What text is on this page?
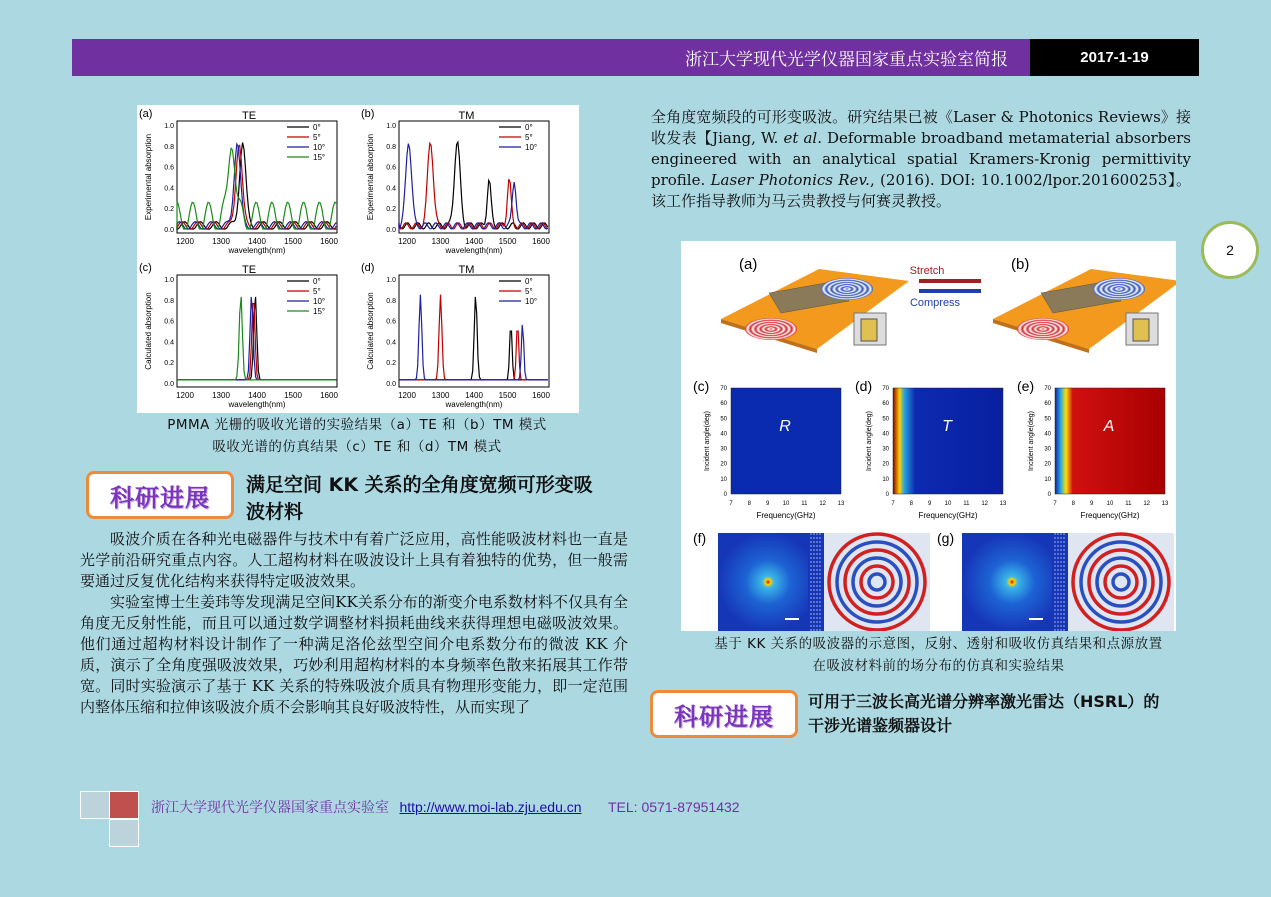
浙江大学现代光学仪器国家重点实验室简报	2017-1-19
2
(a)	TE
Experimental absorption
wavelength(nm)
1200 1300 1400 1500 1600
0.0
0.2
0.4
0.6
0.8
1.0	0°
5°
10°
15°
(b)	TM
Experimental absorption
wavelength(nm)
1200 1300 1400 1500 1600
0.0
0.2
0.4
0.6
0.8
1.0	0°
5°
10°
(c)	TE
Calculated absorption
wavelength(nm)
1200 1300 1400 1500 1600
0.0
0.2
0.4
0.6
0.8
1.0	0°
5°
10°
15°
(d)	TM
Calculated absorption
wavelength(nm)
1200 1300 1400 1500 1600
0.0
0.2
0.4
0.6
0.8
1.0	0°
5°
10°
PMMA 光栅的吸收光谱的实验结果（a）TE 和（b）TM 模式
吸收光谱的仿真结果（c）TE 和（d）TM 模式
科研进展	满足空间 KK 关系的全角度宽频可形变吸
波材料

吸波介质在各种光电磁器件与技术中有着广泛应用，高性能吸波材料也一直是光学前沿研究重点内容。人工超构材料在吸波设计上具有着独特的优势，但一般需要通过反复优化结构来获得特定吸波效果。

实验室博士生姜玮等发现满足空间KK关系分布的渐变介电系数材料不仅具有全角度无反射性能，而且可以通过数学调整材料损耗曲线来获得理想电磁吸波效果。他们通过超构材料设计制作了一种满足洛伦兹型空间介电系数分布的微波 KK 介质，演示了全角度强吸波效果，巧妙利用超构材料的本身频率色散来拓展其工作带宽。同时实验演示了基于 KK 关系的特殊吸波介质具有物理形变能力，即一定范围内整体压缩和拉伸该吸波介质不会影响其良好吸波特性，从而实现了

全角度宽频段的可形变吸波。研究结果已被《Laser & Photonics Reviews》接收发表【Jiang, W. et al. Deformable broadband metamaterial absorbers engineered with an analytical spatial Kramers-Kronig permittivity profile. Laser Photonics Rev., (2016). DOI: 10.1002/lpor.201600253】。该工作指导教师为马云贵教授与何赛灵教授。

(a)	(b)
Stretch
Compress
(c)
R
Frequency(GHz)
Incident angle(deg)
7 8 9 10 11 12 13
0
10
20
30
40
50
60
70	(d)
T
Frequency(GHz)
Incident angle(deg)
7 8 9 10 11 12 13
0
10
20
30
40
50
60
70	(e)
A
Frequency(GHz)
Incident angle(deg)
7 8 9 10 11 12 13
0
10
20
30
40
50
60
70
(f)	(g)
基于 KK 关系的吸波器的示意图，反射、透射和吸收仿真结果和点源放置
在吸波材料前的场分布的仿真和实验结果
科研进展
可用于三波长高光谱分辨率激光雷达（HSRL）的
干涉光谱鉴频器设计
浙江大学现代光学仪器国家重点实验室 http://www.moi-lab.zju.edu.cn TEL: 0571-87951432
